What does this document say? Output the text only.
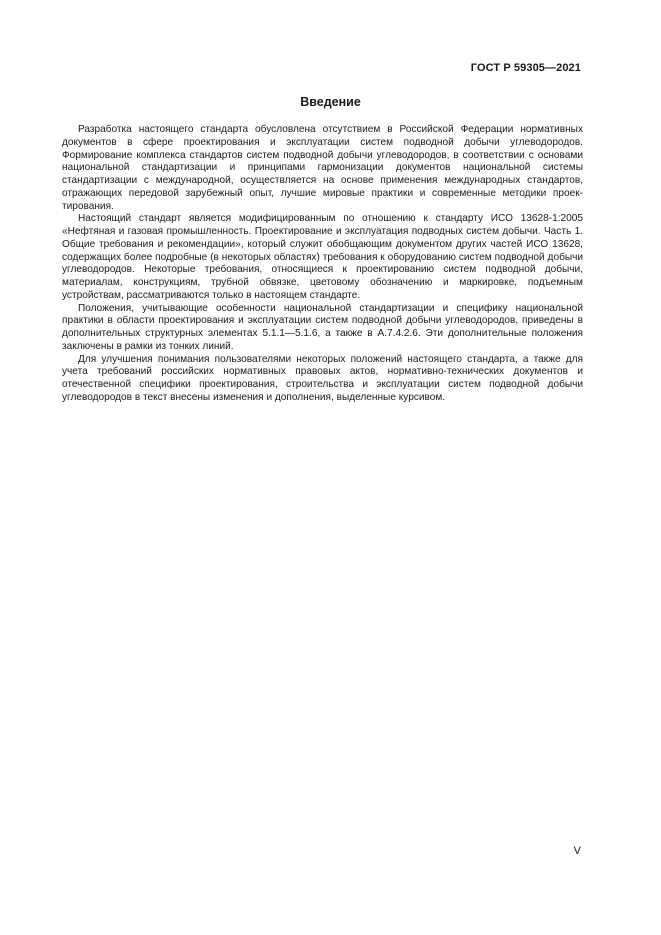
ГОСТ Р 59305—2021
Введение

Разработка настоящего стандарта обусловлена отсутствием в Российской Федерации нормативных документов в сфере проектирования и эксплуатации систем подводной добычи углеводородов. Формирование комплекса стандартов систем подводной добычи углеводородов, в соответствии с основами национальной стандартизации и принципами гармонизации документов национальной системы стандартизации с международной, осуществляется на основе применения международных стандартов, отражающих передовой зарубежный опыт, лучшие мировые практики и современные методики проектирования.

Настоящий стандарт является модифицированным по отношению к стандарту ИСО 13628-1:2005 «Нефтяная и газовая промышленность. Проектирование и эксплуатация подводных систем добычи. Часть 1. Общие требования и рекомендации», который служит обобщающим документом других частей ИСО 13628, содержащих более подробные (в некоторых областях) требования к оборудованию систем подводной добычи углеводородов. Некоторые требования, относящиеся к проектированию систем подводной добычи, материалам, конструкциям, трубной обвязке, цветовому обозначению и маркировке, подъемным устройствам, рассматриваются только в настоящем стандарте.

Положения, учитывающие особенности национальной стандартизации и специфику национальной практики в области проектирования и эксплуатации систем подводной добычи углеводородов, приведены в дополнительных структурных элементах 5.1.1—5.1.6, а также в А.7.4.2.6. Эти дополнительные положения заключены в рамки из тонких линий.

Для улучшения понимания пользователями некоторых положений настоящего стандарта, а также для учета требований российских нормативных правовых актов, нормативно-технических документов и отечественной специфики проектирования, строительства и эксплуатации систем подводной добычи углеводородов в текст внесены изменения и дополнения, выделенные курсивом.

V
